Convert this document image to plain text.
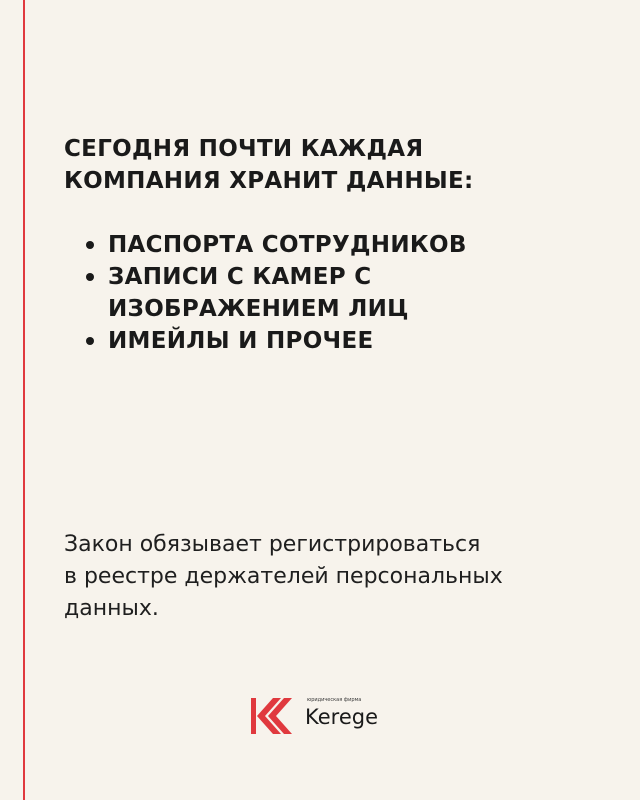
СЕГОДНЯ ПОЧТИ КАЖДАЯ
КОМПАНИЯ ХРАНИТ ДАННЫЕ:
ПАСПОРТА СОТРУДНИКОВ
ЗАПИСИ С КАМЕР С
ИЗОБРАЖЕНИЕМ ЛИЦ
ИМЕЙЛЫ И ПРОЧЕЕ

Закон обязывает регистрироваться
в реестре держателей персональных
данных.

юридическая фирма
Kerege
